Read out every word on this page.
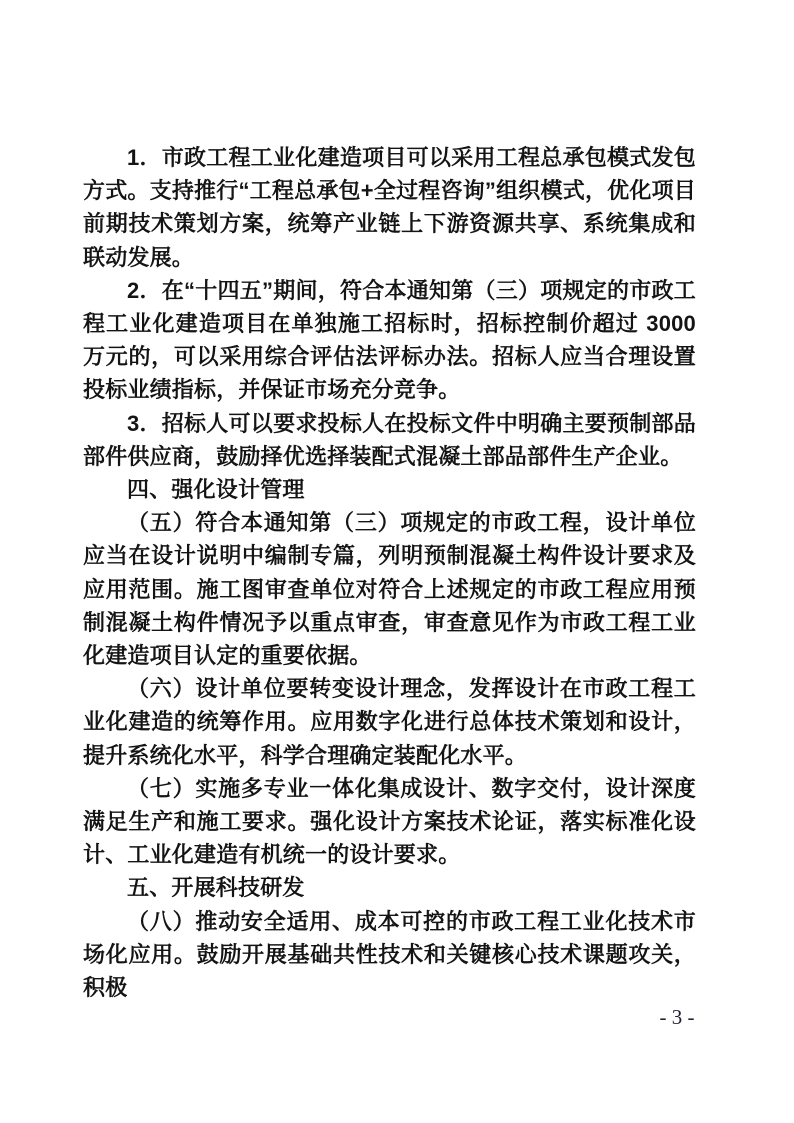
1．市政工程工业化建造项目可以采用工程总承包模式发包方式。支持推行“工程总承包+全过程咨询”组织模式，优化项目前期技术策划方案，统筹产业链上下游资源共享、系统集成和联动发展。

2．在“十四五”期间，符合本通知第（三）项规定的市政工程工业化建造项目在单独施工招标时，招标控制价超过 3000 万元的，可以采用综合评估法评标办法。招标人应当合理设置投标业绩指标，并保证市场充分竞争。

3．招标人可以要求投标人在投标文件中明确主要预制部品部件供应商，鼓励择优选择装配式混凝土部品部件生产企业。

四、强化设计管理

（五）符合本通知第（三）项规定的市政工程，设计单位应当在设计说明中编制专篇，列明预制混凝土构件设计要求及应用范围。施工图审查单位对符合上述规定的市政工程应用预制混凝土构件情况予以重点审查，审查意见作为市政工程工业化建造项目认定的重要依据。

（六）设计单位要转变设计理念，发挥设计在市政工程工业化建造的统筹作用。应用数字化进行总体技术策划和设计，提升系统化水平，科学合理确定装配化水平。

（七）实施多专业一体化集成设计、数字交付，设计深度满足生产和施工要求。强化设计方案技术论证，落实标准化设计、工业化建造有机统一的设计要求。

五、开展科技研发

（八）推动安全适用、成本可控的市政工程工业化技术市场化应用。鼓励开展基础共性技术和关键核心技术课题攻关，积极

- 3 -
